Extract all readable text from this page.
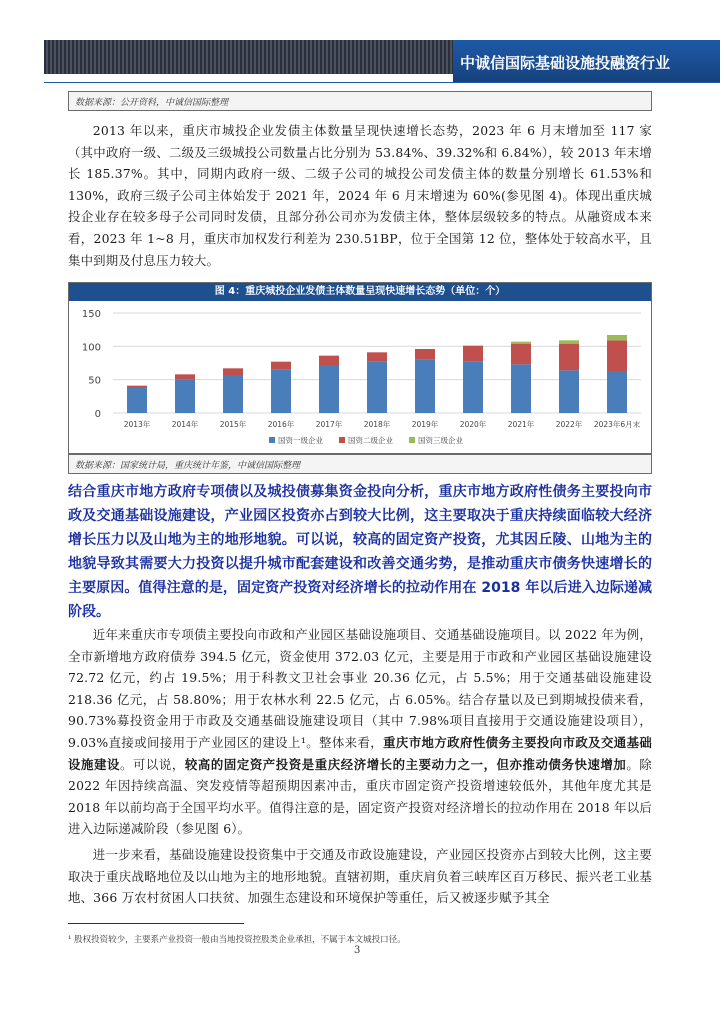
中诚信国际基础设施投融资行业
数据来源：公开资料，中诚信国际整理

2013 年以来，重庆市城投企业发债主体数量呈现快速增长态势，2023 年 6 月末增加至 117 家（其中政府一级、二级及三级城投公司数量占比分别为 53.84%、39.32%和 6.84%），较 2013 年末增长 185.37%。其中，同期内政府一级、二级子公司的城投公司发债主体的数量分别增长 61.53%和 130%，政府三级子公司主体始发于 2021 年，2024 年 6 月末增速为 60%(参见图 4)。体现出重庆城投企业存在较多母子公司同时发债，且部分孙公司亦为发债主体，整体层级较多的特点。从融资成本来看，2023 年 1~8 月，重庆市加权发行利差为 230.51BP，位于全国第 12 位，整体处于较高水平，且集中到期及付息压力较大。

图 4：重庆城投企业发债主体数量呈现快速增长态势（单位：个）
0
50
100
150
2013年	2014年	2015年	2016年	2017年	2018年	2019年	2020年	2021年	2022年 2023年6月末
国资一级企业	国资二级企业	国资三级企业
数据来源：国家统计局，重庆统计年鉴，中诚信国际整理
结合重庆市地方政府专项债以及城投债募集资金投向分析，重庆市地方政府性债务主要投向市政及交通基础设施建设，产业园区投资亦占到较大比例，这主要取决于重庆持续面临较大经济增长压力以及山地为主的地形地貌。可以说，较高的固定资产投资，尤其因丘陵、山地为主的地貌导致其需要大力投资以提升城市配套建设和改善交通劣势，是推动重庆市债务快速增长的主要原因。值得注意的是，固定资产投资对经济增长的拉动作用在 2018 年以后进入边际递减阶段。

近年来重庆市专项债主要投向市政和产业园区基础设施项目、交通基础设施项目。以 2022 年为例，全市新增地方政府债券 394.5 亿元，资金使用 372.03 亿元，主要是用于市政和产业园区基础设施建设 72.72 亿元，约占 19.5%；用于科教文卫社会事业 20.36 亿元，占 5.5%；用于交通基础设施建设 218.36 亿元，占 58.80%；用于农林水利 22.5 亿元，占 6.05%。结合存量以及已到期城投债来看，90.73%募投资金用于市政及交通基础设施建设项目（其中 7.98%项目直接用于交通设施建设项目），9.03%直接或间接用于产业园区的建设上¹。整体来看，重庆市地方政府性债务主要投向市政及交通基础设施建设。可以说，较高的固定资产投资是重庆经济增长的主要动力之一，但亦推动债务快速增加。除 2022 年因持续高温、突发疫情等超预期因素冲击，重庆市固定资产投资增速较低外，其他年度尤其是 2018 年以前均高于全国平均水平。值得注意的是，固定资产投资对经济增长的拉动作用在 2018 年以后进入边际递减阶段（参见图 6）。

进一步来看，基础设施建设投资集中于交通及市政设施建设，产业园区投资亦占到较大比例，这主要取决于重庆战略地位及以山地为主的地形地貌。直辖初期，重庆肩负着三峡库区百万移民、振兴老工业基地、366 万农村贫困人口扶贫、加强生态建设和环境保护等重任，后又被逐步赋予其全

¹ 股权投资较少，主要系产业投资一般由当地投资控股类企业承担，不属于本文城投口径。
3
